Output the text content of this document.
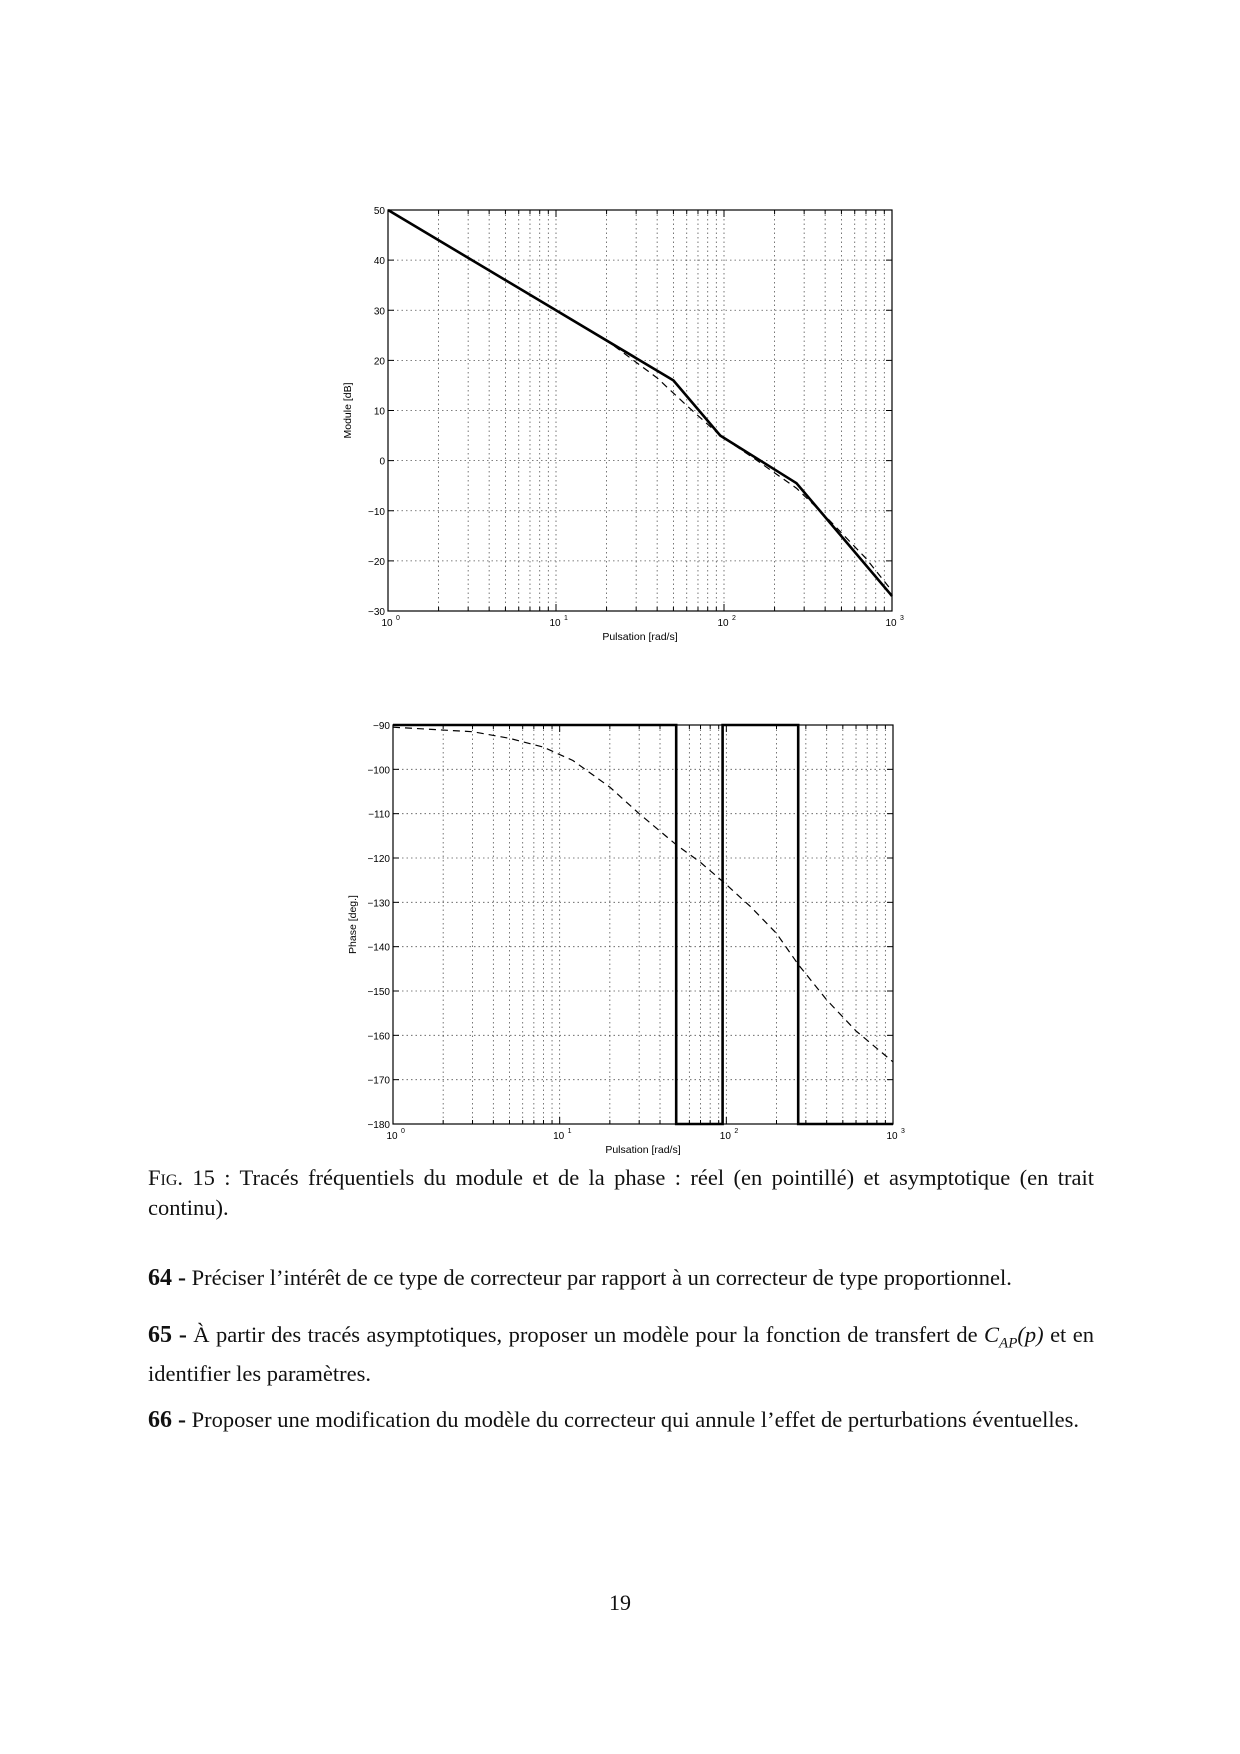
50
40
30
20
10
0
−10
−20
−30
10 0	10 1	10 2	10 3
Pulsation [rad/s]
Module [dB]
−90
−100
−110
−120
−130
−140
−150
−160
−170
−180
10 0	10 1	10 2	10 3
Pulsation [rad/s]
Phase [deg.]
Fig. 15 : Tracés fréquentiels du module et de la phase : réel (en pointillé) et asymptotique (en trait continu).
64 - Préciser l’intérêt de ce type de correcteur par rapport à un correcteur de type proportionnel.
65 - À partir des tracés asymptotiques, proposer un modèle pour la fonction de transfert de $C_{AP}(p)$ et en identifier les paramètres.
66 - Proposer une modification du modèle du correcteur qui annule l’effet de perturbations éventuelles.
19
